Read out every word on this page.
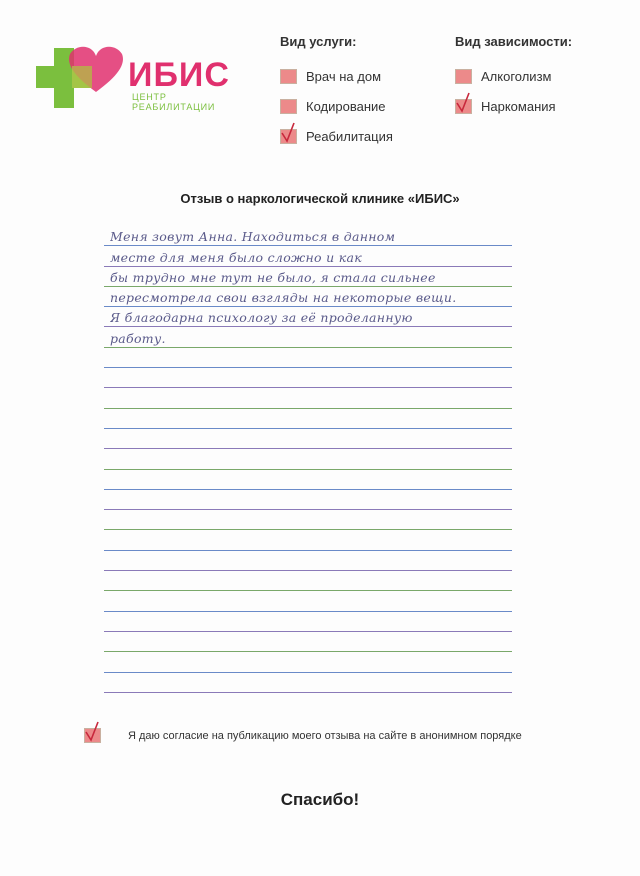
ИБИС
ЦЕНТР РЕАБИЛИТАЦИИ
Вид услуги:
Врач на дом
Кодирование
Реабилитация
Вид зависимости:
Алкоголизм
Наркомания
Отзыв о наркологической клинике «ИБИС»
Меня зовут Анна. Находиться в данном
месте для меня было сложно и как
бы трудно мне тут не было, я стала сильнее
пересмотрела свои взгляды на некоторые вещи.
Я благодарна психологу за её проделанную
работу.
Я даю согласие на публикацию моего отзыва на сайте в анонимном порядке
Спасибо!
